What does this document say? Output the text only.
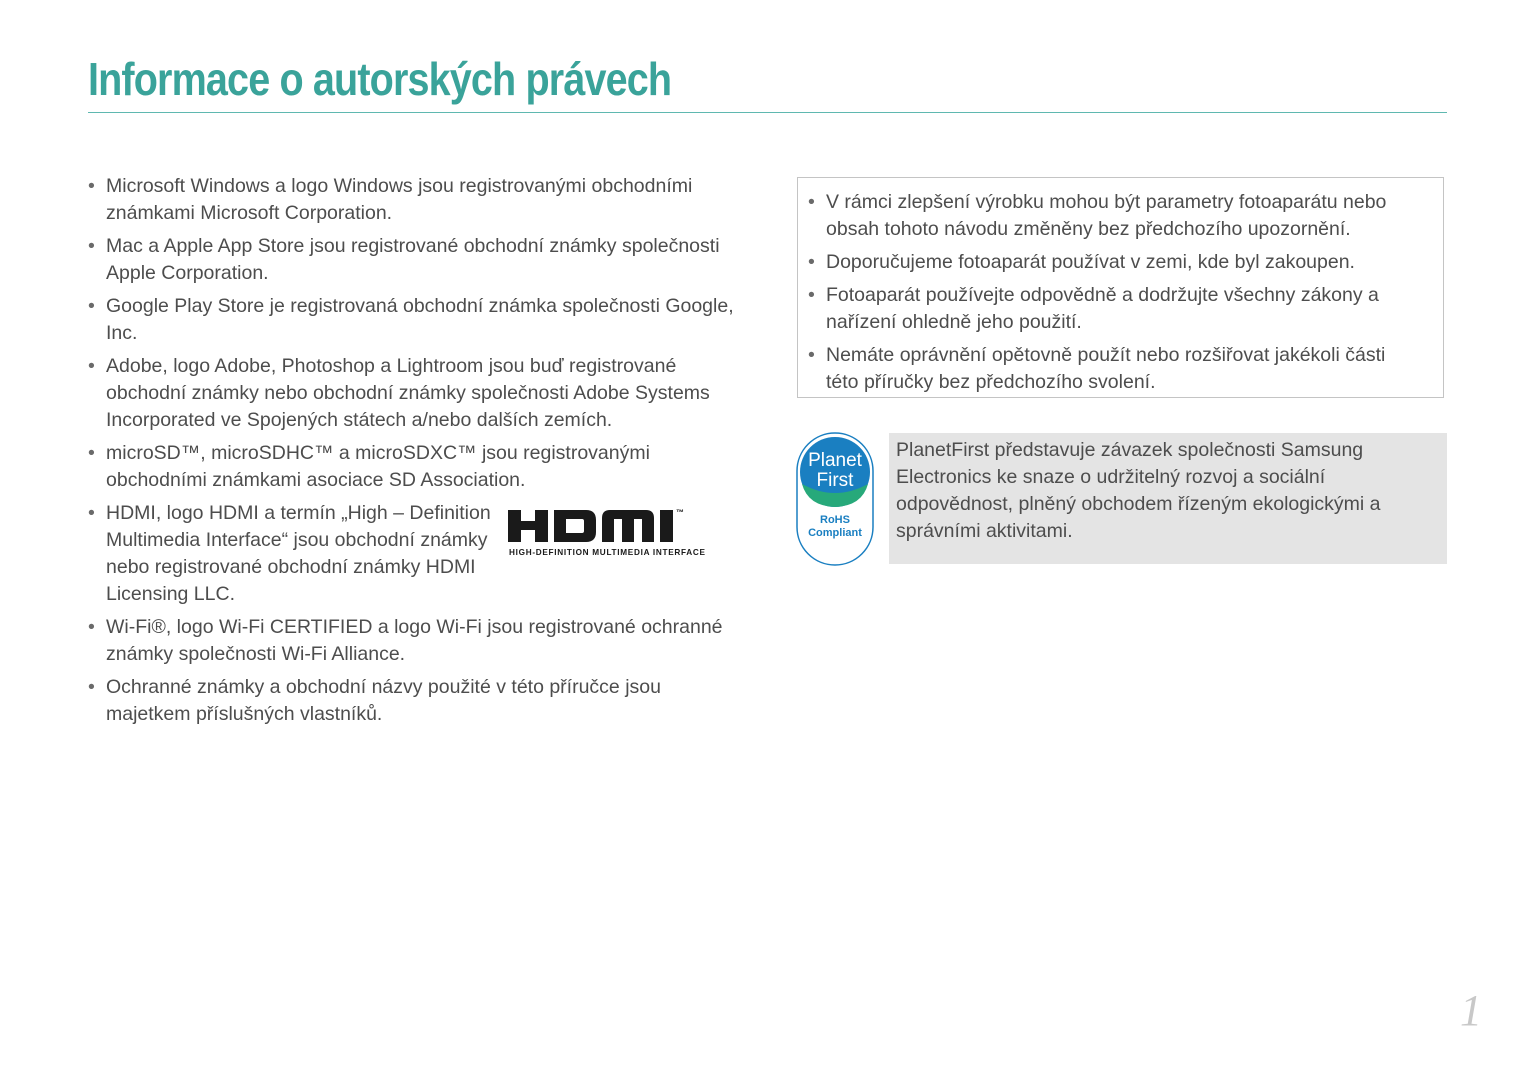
Informace o autorských právech
• Microsoft Windows a logo Windows jsou registrovanými obchodními známkami Microsoft Corporation.
• Mac a Apple App Store jsou registrované obchodní známky společnosti Apple Corporation.
• Google Play Store je registrovaná obchodní známka společnosti Google, Inc.
• Adobe, logo Adobe, Photoshop a Lightroom jsou buď registrované obchodní známky nebo obchodní známky společnosti Adobe Systems Incorporated ve Spojených státech a/nebo dalších zemích.
• microSD™, microSDHC™ a microSDXC™ jsou registrovanými obchodními známkami asociace SD Association.
• HDMI, logo HDMI a termín „High – Definition Multimedia Interface“ jsou obchodní známky nebo registrované obchodní známky HDMI Licensing LLC.
™
HIGH-DEFINITION MULTIMEDIA INTERFACE
• Wi-Fi®, logo Wi-Fi CERTIFIED a logo Wi-Fi jsou registrované ochranné známky společnosti Wi-Fi Alliance.
• Ochranné známky a obchodní názvy použité v této příručce jsou majetkem příslušných vlastníků.
• V rámci zlepšení výrobku mohou být parametry fotoaparátu nebo obsah tohoto návodu změněny bez předchozího upozornění.
• Doporučujeme fotoaparát používat v zemi, kde byl zakoupen.
• Fotoaparát používejte odpovědně a dodržujte všechny zákony a nařízení ohledně jeho použití.
• Nemáte oprávnění opětovně použít nebo rozšiřovat jakékoli části této příručky bez předchozího svolení.
Planet
First
RoHS
Compliant
PlanetFirst představuje závazek společnosti Samsung Electronics ke snaze o udržitelný rozvoj a sociální odpovědnost, plněný obchodem řízeným ekologickými a správními aktivitami.
1
